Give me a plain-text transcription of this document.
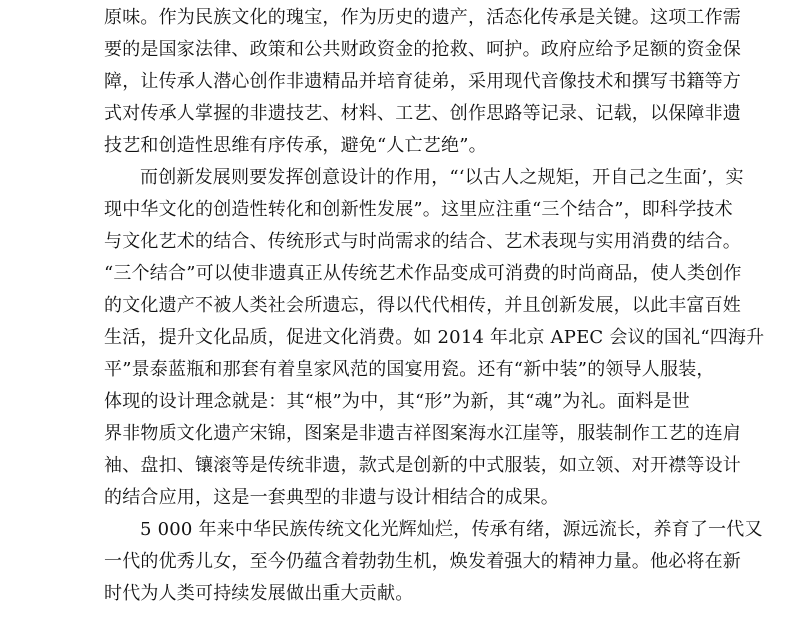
原味。作为民族文化的瑰宝，作为历史的遗产，活态化传承是关键。这项工作需
要的是国家法律、政策和公共财政资金的抢救、呵护。政府应给予足额的资金保
障，让传承人潜心创作非遗精品并培育徒弟，采用现代音像技术和撰写书籍等方
式对传承人掌握的非遗技艺、材料、工艺、创作思路等记录、记载，以保障非遗
技艺和创造性思维有序传承，避免“人亡艺绝”。
而创新发展则要发挥创意设计的作用，“‘以古人之规矩，开自己之生面’，实
现中华文化的创造性转化和创新性发展”。这里应注重“三个结合”，即科学技术
与文化艺术的结合、传统形式与时尚需求的结合、艺术表现与实用消费的结合。
“三个结合”可以使非遗真正从传统艺术作品变成可消费的时尚商品，使人类创作
的文化遗产不被人类社会所遗忘，得以代代相传，并且创新发展，以此丰富百姓
生活，提升文化品质，促进文化消费。如 2014 年北京 APEC 会议的国礼“四海升
平”景泰蓝瓶和那套有着皇家风范的国宴用瓷。还有“新中装”的领导人服装，
体现的设计理念就是：其“根”为中，其“形”为新，其“魂”为礼。面料是世
界非物质文化遗产宋锦，图案是非遗吉祥图案海水江崖等，服装制作工艺的连肩
袖、盘扣、镶滚等是传统非遗，款式是创新的中式服装，如立领、对开襟等设计
的结合应用，这是一套典型的非遗与设计相结合的成果。
5 000 年来中华民族传统文化光辉灿烂，传承有绪，源远流长，养育了一代又
一代的优秀儿女，至今仍蕴含着勃勃生机，焕发着强大的精神力量。他必将在新
时代为人类可持续发展做出重大贡献。
